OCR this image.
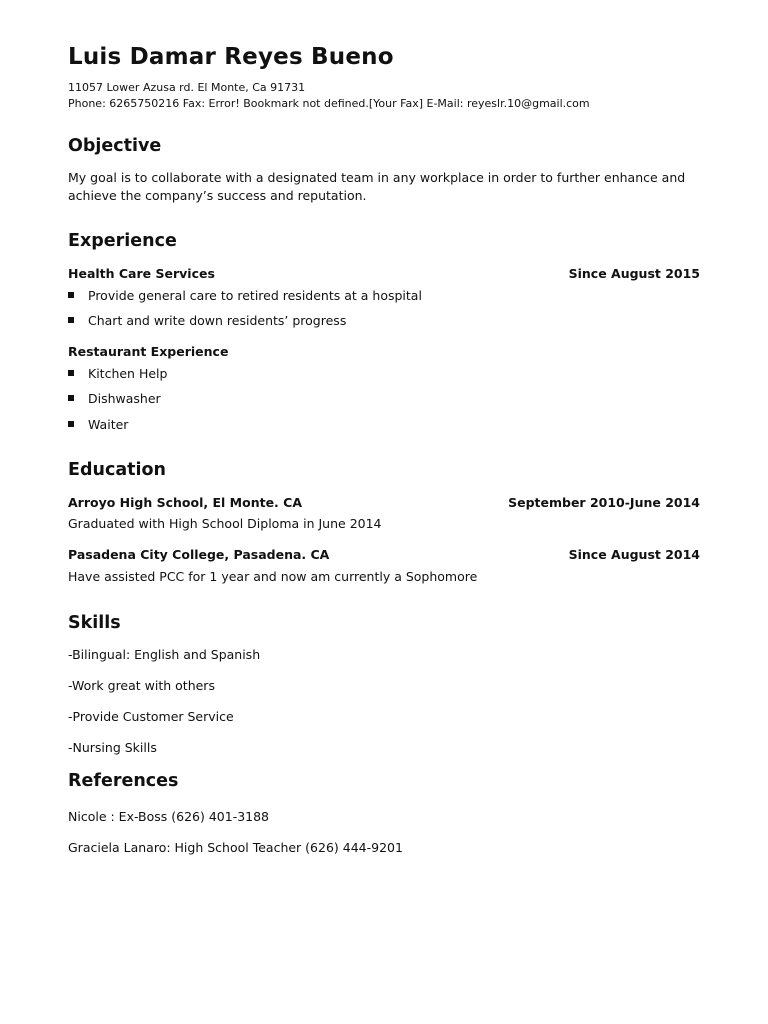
Luis Damar Reyes Bueno
11057 Lower Azusa rd. El Monte, Ca 91731
Phone: 6265750216 Fax: Error! Bookmark not defined.[Your Fax] E-Mail: reyeslr.10@gmail.com
Objective
My goal is to collaborate with a designated team in any workplace in order to further enhance and
achieve the company’s success and reputation.
Experience
Health Care Services	Since August 2015
Provide general care to retired residents at a hospital
Chart and write down residents’ progress
Restaurant Experience
Kitchen Help
Dishwasher
Waiter
Education
Arroyo High School, El Monte. CA	September 2010-June 2014
Graduated with High School Diploma in June 2014
Pasadena City College, Pasadena. CA	Since August 2014
Have assisted PCC for 1 year and now am currently a Sophomore
Skills
-Bilingual: English and Spanish
-Work great with others
-Provide Customer Service
-Nursing Skills
References
Nicole : Ex-Boss (626) 401-3188
Graciela Lanaro: High School Teacher (626) 444-9201
